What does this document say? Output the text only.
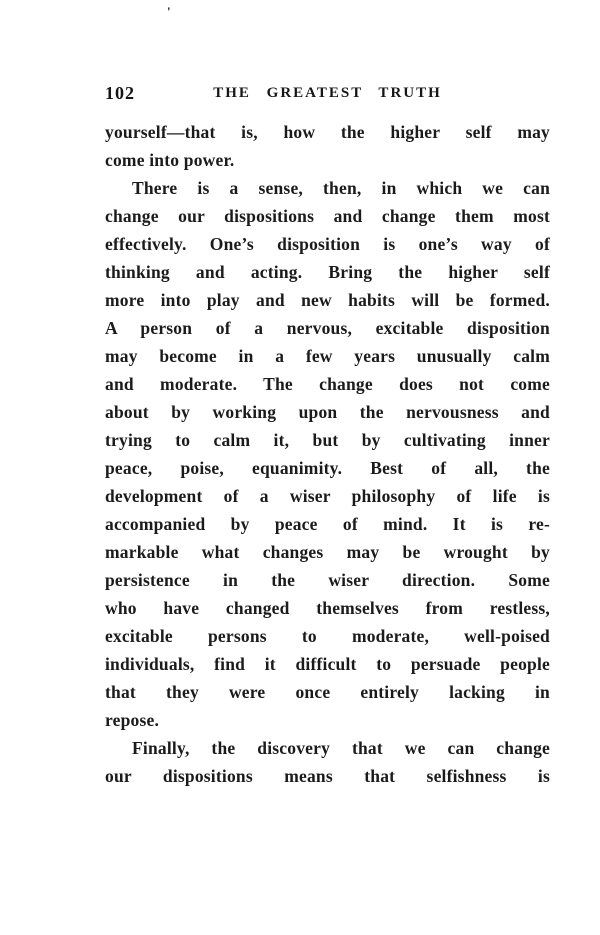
'
102	THE GREATEST TRUTH
yourself—that is, how the higher self may
come into power.
There is a sense, then, in which we can
change our dispositions and change them most
effectively. One’s disposition is one’s way of
thinking and acting. Bring the higher self
more into play and new habits will be formed.
A person of a nervous, excitable disposition
may become in a few years unusually calm
and moderate. The change does not come
about by working upon the nervousness and
trying to calm it, but by cultivating inner
peace, poise, equanimity. Best of all, the
development of a wiser philosophy of life is
accompanied by peace of mind. It is re-
markable what changes may be wrought by
persistence in the wiser direction. Some
who have changed themselves from restless,
excitable persons to moderate, well-poised
individuals, find it difficult to persuade people
that they were once entirely lacking in
repose.
Finally, the discovery that we can change
our dispositions means that selfishness is
